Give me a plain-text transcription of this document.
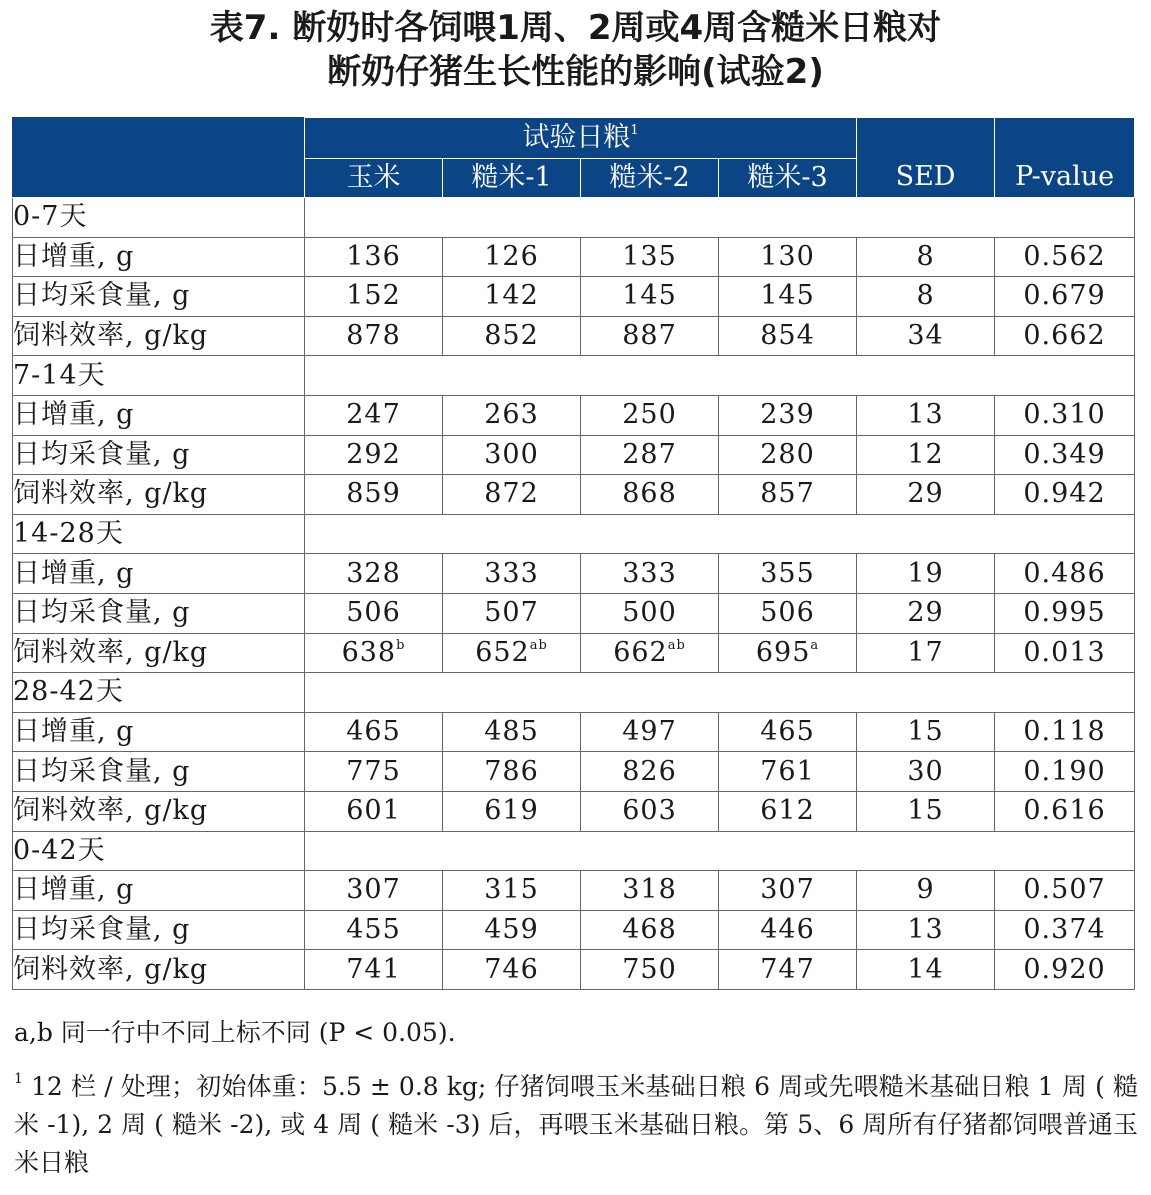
表7. 断奶时各饲喂1周、2周或4周含糙米日粮对
断奶仔猪生长性能的影响(试验2)
	试验日粮$^1$				SED	P-value
	玉米	糙米-1	糙米-2	糙米-3		
0-7天						
日增重, g	136	126	135	130	8	0.562
日均采食量, g	152	142	145	145	8	0.679
饲料效率, g/kg	878	852	887	854	34	0.662
7-14天						
日增重, g	247	263	250	239	13	0.310
日均采食量, g	292	300	287	280	12	0.349
饲料效率, g/kg	859	872	868	857	29	0.942
14-28天						
日增重, g	328	333	333	355	19	0.486
日均采食量, g	506	507	500	506	29	0.995
饲料效率, g/kg	638$^b$	$652^{ab}$	$662^{ab}$	695$^a$	17	0.013
28-42天						
日增重, g	465	485	497	465	15	0.118
日均采食量, g	775	786	826	761	30	0.190
饲料效率, g/kg	601	619	603	612	15	0.616
0-42天						
日增重, g	307	315	318	307	9	0.507
日均采食量, g	455	459	468	446	13	0.374
饲料效率, g/kg	741	746	750	747	14	0.920
a,b 同一行中不同上标不同 (P < 0.05).
$^1$ 12 栏 / 处理；初始体重：5.5 ± 0.8 kg; 仔猪饲喂玉米基础日粮 6 周或先喂糙米基础日粮 1 周 ( 糙米 -1), 2 周 ( 糙米 -2), 或 4 周 ( 糙米 -3) 后，再喂玉米基础日粮。第 5、6 周所有仔猪都饲喂普通玉米日粮
